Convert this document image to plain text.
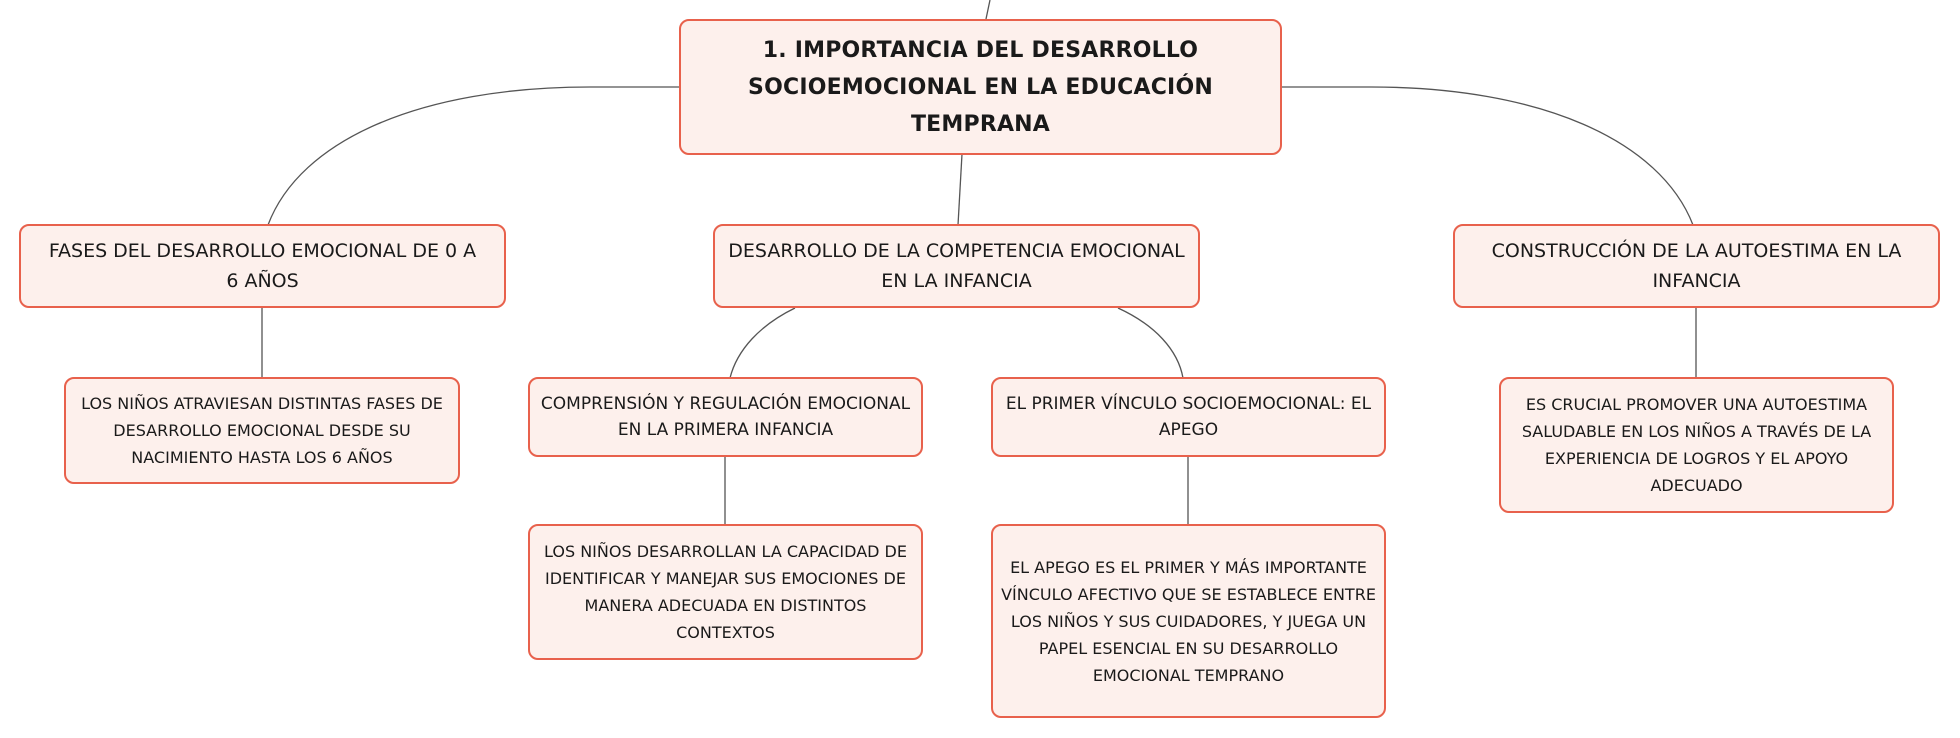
1. IMPORTANCIA DEL DESARROLLO SOCIOEMOCIONAL EN LA EDUCACIÓN TEMPRANA
FASES DEL DESARROLLO EMOCIONAL DE 0 A 6 AÑOS
DESARROLLO DE LA COMPETENCIA EMOCIONAL EN LA INFANCIA
CONSTRUCCIÓN DE LA AUTOESTIMA EN LA INFANCIA
LOS NIÑOS ATRAVIESAN DISTINTAS FASES DE DESARROLLO EMOCIONAL DESDE SU NACIMIENTO HASTA LOS 6 AÑOS
COMPRENSIÓN Y REGULACIÓN EMOCIONAL EN LA PRIMERA INFANCIA
EL PRIMER VÍNCULO SOCIOEMOCIONAL: EL APEGO
ES CRUCIAL PROMOVER UNA AUTOESTIMA SALUDABLE EN LOS NIÑOS A TRAVÉS DE LA EXPERIENCIA DE LOGROS Y EL APOYO ADECUADO
LOS NIÑOS DESARROLLAN LA CAPACIDAD DE IDENTIFICAR Y MANEJAR SUS EMOCIONES DE MANERA ADECUADA EN DISTINTOS CONTEXTOS
EL APEGO ES EL PRIMER Y MÁS IMPORTANTE VÍNCULO AFECTIVO QUE SE ESTABLECE ENTRE LOS NIÑOS Y SUS CUIDADORES, Y JUEGA UN PAPEL ESENCIAL EN SU DESARROLLO EMOCIONAL TEMPRANO
